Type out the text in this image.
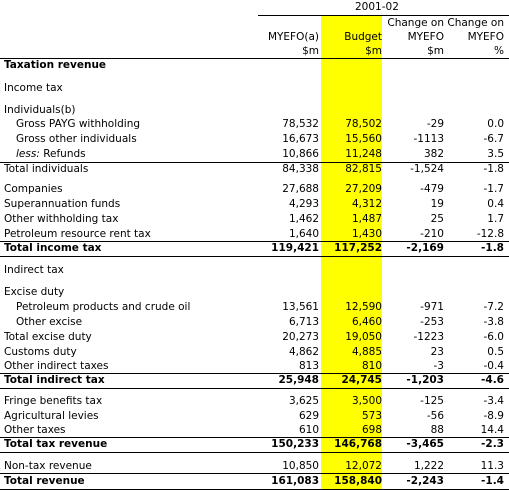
2001-02
Change on Change on
MYEFO(a) Budget MYEFO MYEFO
$m	$m	$m	%
Taxation revenue
Income tax
Individuals(b)
Gross PAYG withholding	78,532	78,502	-29	0.0
Gross other individuals	16,673	15,560	-1113	-6.7
less: Refunds	10,866	11,248	382	3.5
Total individuals	84,338	82,815	-1,524	-1.8
Companies	27,688	27,209	-479	-1.7
Superannuation funds	4,293	4,312	19	0.4
Other withholding tax	1,462	1,487	25	1.7
Petroleum resource rent tax	1,640	1,430	-210	-12.8
Total income tax	119,421 117,252 -2,169	-1.8
Indirect tax
Excise duty
Petroleum products and crude oil	13,561	12,590	-971	-7.2
Other excise	6,713	6,460	-253	-3.8
Total excise duty	20,273	19,050	-1223	-6.0
Customs duty	4,862	4,885	23	0.5
Other indirect taxes	813	810	-3	-0.4
Total indirect tax	25,948 24,745 -1,203	-4.6
Fringe benefits tax	3,625	3,500	-125	-3.4
Agricultural levies	629	573	-56	-8.9
Other taxes	610	698	88	14.4
Total tax revenue	150,233 146,768 -3,465	-2.3
Non-tax revenue	10,850	12,072	1,222	11.3
Total revenue	161,083 158,840 -2,243	-1.4
